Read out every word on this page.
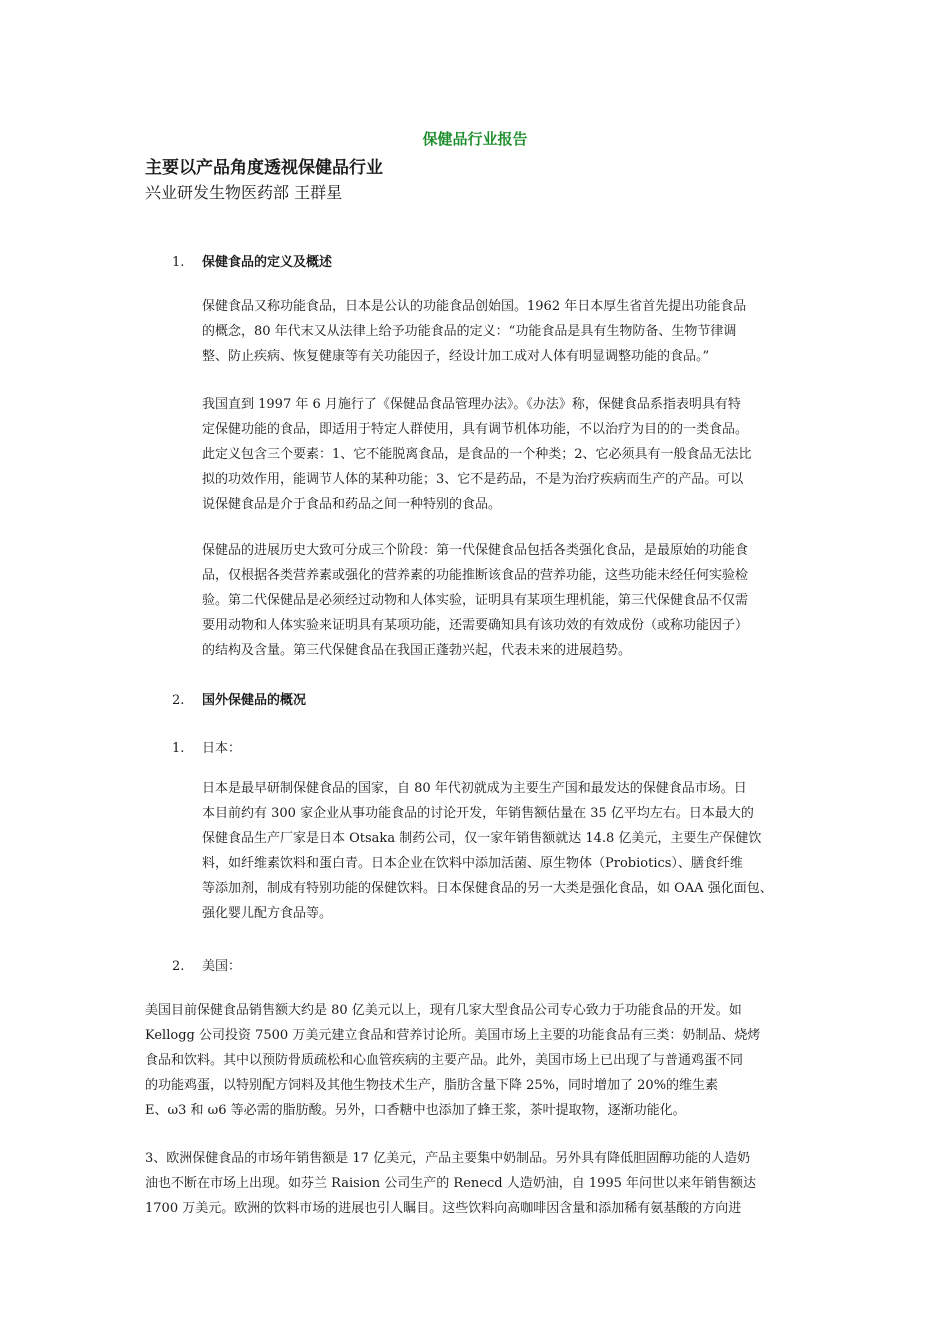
保健品行业报告
主要以产品角度透视保健品行业
兴业研发生物医药部 王群星
1. 保健食品的定义及概述
保健食品又称功能食品，日本是公认的功能食品创始国。1962 年日本厚生省首先提出功能食品
的概念，80 年代末又从法律上给予功能食品的定义：“功能食品是具有生物防备、生物节律调
整、防止疾病、恢复健康等有关功能因子，经设计加工成对人体有明显调整功能的食品。”
我国直到 1997 年 6 月施行了《保健品食品管理办法》。《办法》称，保健食品系指表明具有特
定保健功能的食品，即适用于特定人群使用，具有调节机体功能，不以治疗为目的的一类食品。
此定义包含三个要素：1、它不能脱离食品，是食品的一个种类；2、它必须具有一般食品无法比
拟的功效作用，能调节人体的某种功能；3、它不是药品，不是为治疗疾病而生产的产品。可以
说保健食品是介于食品和药品之间一种特别的食品。
保健品的进展历史大致可分成三个阶段：第一代保健食品包括各类强化食品，是最原始的功能食
品，仅根据各类营养素或强化的营养素的功能推断该食品的营养功能，这些功能未经任何实验检
验。第二代保健品是必须经过动物和人体实验，证明具有某项生理机能，第三代保健食品不仅需
要用动物和人体实验来证明具有某项功能，还需要确知具有该功效的有效成份（或称功能因子）
的结构及含量。第三代保健食品在我国正蓬勃兴起，代表未来的进展趋势。
2. 国外保健品的概况
1. 日本：
日本是最早研制保健食品的国家，自 80 年代初就成为主要生产国和最发达的保健食品市场。日
本目前约有 300 家企业从事功能食品的讨论开发，年销售额估量在 35 亿平均左右。日本最大的
保健食品生产厂家是日本 Otsaka 制药公司，仅一家年销售额就达 14.8 亿美元，主要生产保健饮
料，如纤维素饮料和蛋白青。日本企业在饮料中添加活菌、原生物体（Probiotics）、膳食纤维
等添加剂，制成有特别功能的保健饮料。日本保健食品的另一大类是强化食品，如 OAA 强化面包、
强化婴儿配方食品等。
2. 美国：
美国目前保健食品销售额大约是 80 亿美元以上，现有几家大型食品公司专心致力于功能食品的开发。如
Kellogg 公司投资 7500 万美元建立食品和营养讨论所。美国市场上主要的功能食品有三类：奶制品、烧烤
食品和饮料。其中以预防骨质疏松和心血管疾病的主要产品。此外，美国市场上已出现了与普通鸡蛋不同
的功能鸡蛋，以特别配方饲料及其他生物技术生产，脂肪含量下降 25%，同时增加了 20%的维生素
E、ω3 和 ω6 等必需的脂肪酸。另外，口香糖中也添加了蜂王浆，茶叶提取物，逐渐功能化。
3、欧洲保健食品的市场年销售额是 17 亿美元，产品主要集中奶制品。另外具有降低胆固醇功能的人造奶
油也不断在市场上出现。如芬兰 Raision 公司生产的 Renecd 人造奶油，自 1995 年问世以来年销售额达
1700 万美元。欧洲的饮料市场的进展也引人瞩目。这些饮料向高咖啡因含量和添加稀有氨基酸的方向进
